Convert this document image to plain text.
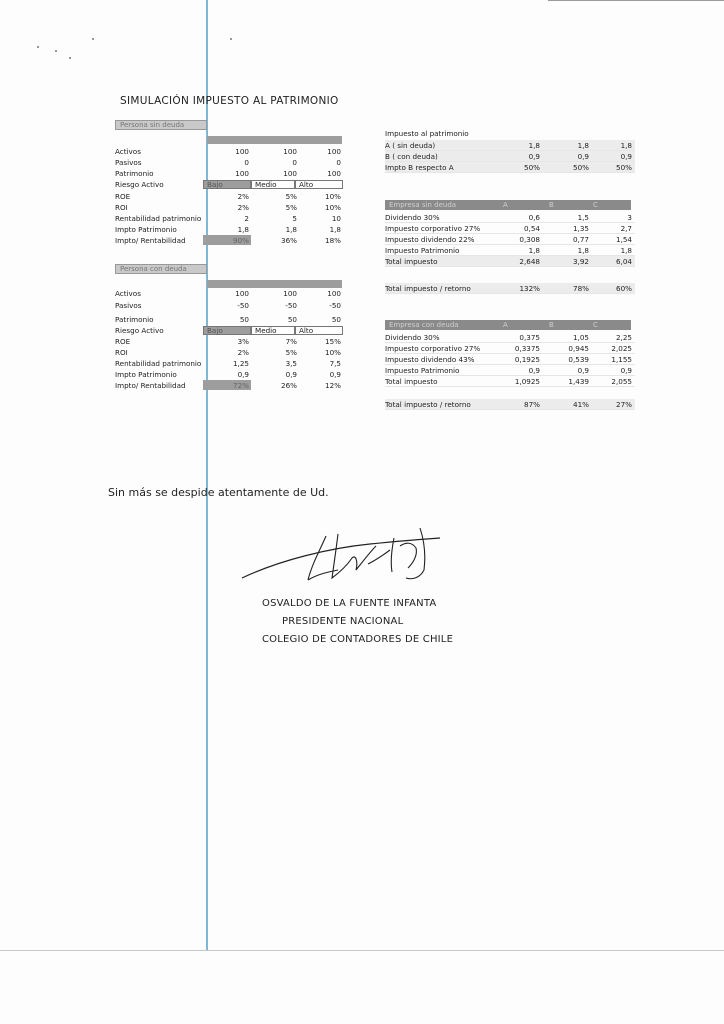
SIMULACIÓN IMPUESTO AL PATRIMONIO
Persona sin deuda
Activos	100	100	100
Pasivos	0	0	0
Patrimonio	100	100	100
Riesgo Activo	Bajo	Medio	Alto
ROE	2%	5%	10%
ROI	2%	5%	10%
Rentabilidad patrimonio	2	5	10
Impto Patrimonio	1,8	1,8	1,8
Impto/ Rentabilidad	90%	36%	18%
Persona con deuda
Activos	100	100	100
Pasivos	-50	-50	-50
Patrimonio	50	50	50
Riesgo Activo	Bajo	Medio	Alto
ROE	3%	7%	15%
ROI	2%	5%	10%
Rentabilidad patrimonio	1,25	3,5	7,5
Impto Patrimonio	0,9	0,9	0,9
Impto/ Rentabilidad	72%	26%	12%
Impuesto al patrimonio
A ( sin deuda)	1,8	1,8	1,8
B ( con deuda)	0,9	0,9	0,9
Impto B respecto A	50%	50%	50%
Empresa sin deuda	A	B	C
Dividendo 30%	0,6	1,5	3
Impuesto corporativo 27%	0,54	1,35	2,7
Impuesto dividendo 22%	0,308	0,77	1,54
Impuesto Patrimonio	1,8	1,8	1,8
Total impuesto	2,648	3,92	6,04
Total impuesto / retorno	132%	78%	60%
Empresa con deuda	A	B	C
Dividendo 30%	0,375	1,05	2,25
Impuesto corporativo 27%	0,3375	0,945	2,025
Impuesto dividendo 43%	0,1925	0,539	1,155
Impuesto Patrimonio	0,9	0,9	0,9
Total impuesto	1,0925	1,439	2,055
Total impuesto / retorno	87%	41%	27%
Sin más se despide atentamente de Ud.
OSVALDO DE LA FUENTE INFANTA
PRESIDENTE NACIONAL
COLEGIO DE CONTADORES DE CHILE
